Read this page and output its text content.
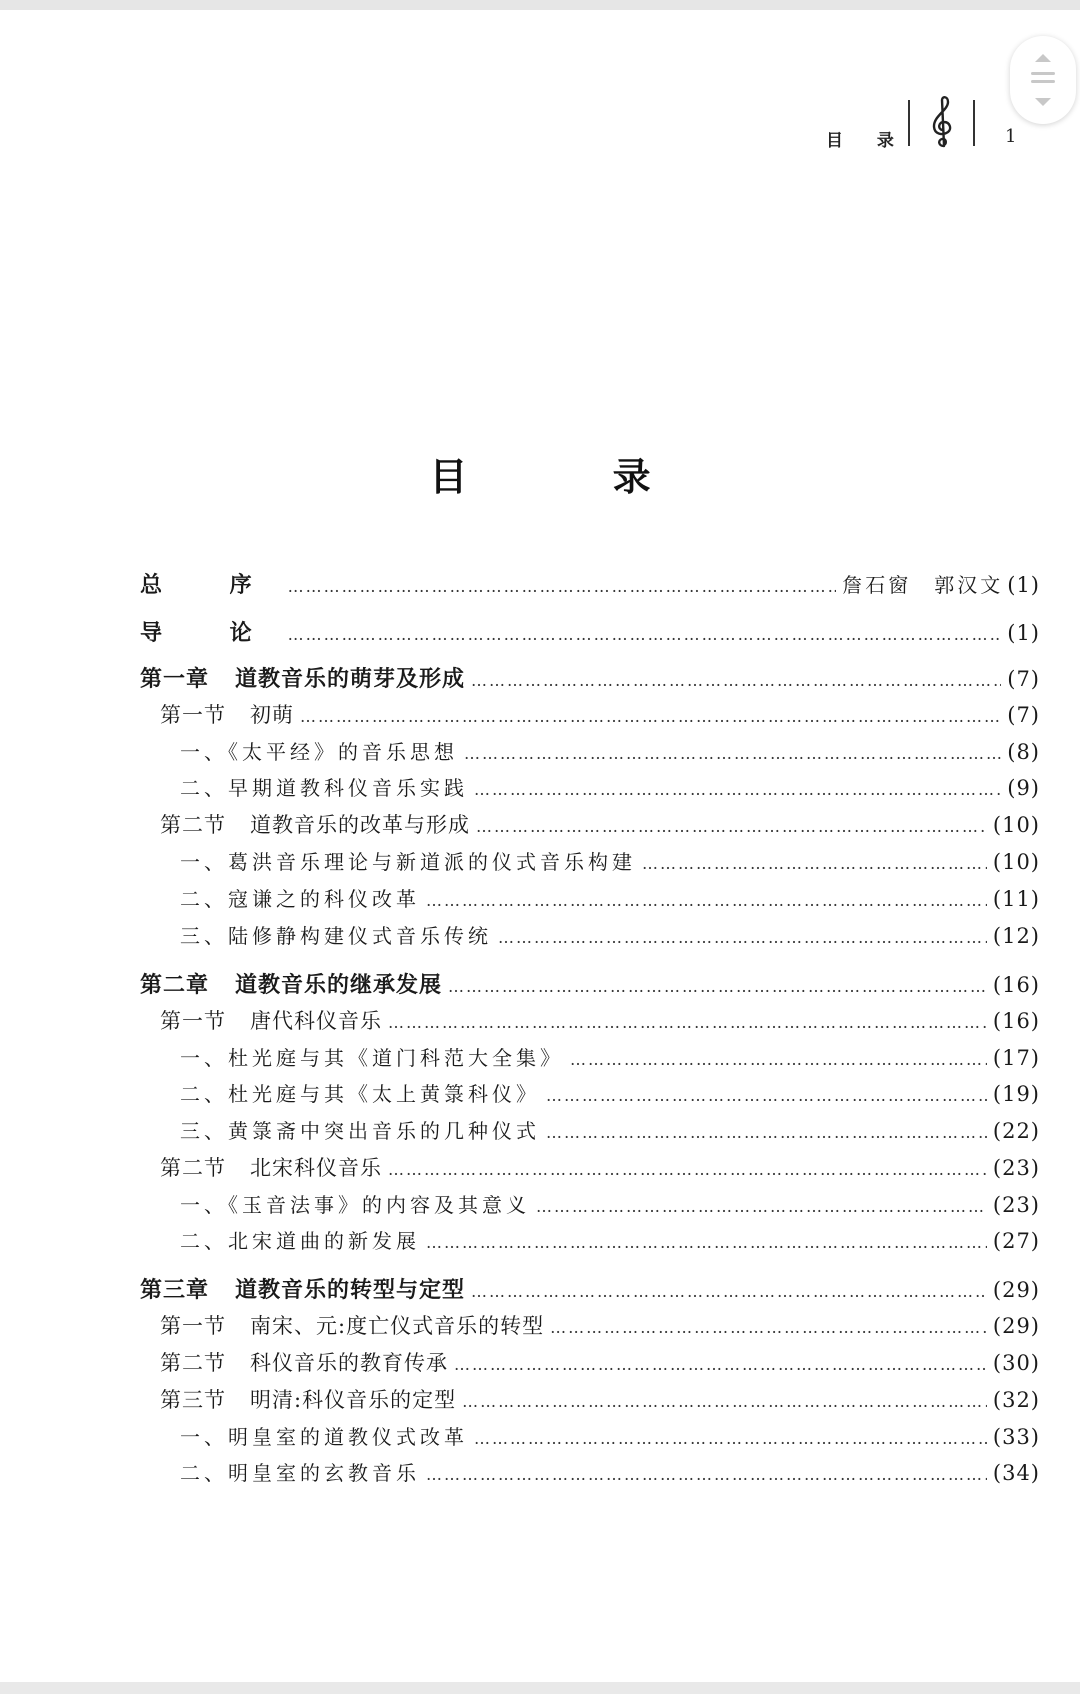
目 录	1
目 录
总 序 ……………………………………………………………………………………………………………………………………………………………………………………………………	詹石窗　郭汉文 (1)
导 论 ……………………………………………………………………………………………………………………………………………………………………………………………………	(1)
第一章 道教音乐的萌芽及形成 ……………………………………………………………………………………………………………………………………………………………………………………………………	(7)
第一节 初萌 ……………………………………………………………………………………………………………………………………………………………………………………………………	(7)
一、《太平经》的音乐思想 ……………………………………………………………………………………………………………………………………………………………………………………………………	(8)
二、早期道教科仪音乐实践 ……………………………………………………………………………………………………………………………………………………………………………………………………	(9)
第二节 道教音乐的改革与形成 ……………………………………………………………………………………………………………………………………………………………………………………………………	(10)
一、葛洪音乐理论与新道派的仪式音乐构建 ……………………………………………………………………………………………………………………………………………………………………………………………………	(10)
二、寇谦之的科仪改革 ……………………………………………………………………………………………………………………………………………………………………………………………………	(11)
三、陆修静构建仪式音乐传统 ……………………………………………………………………………………………………………………………………………………………………………………………………	(12)
第二章 道教音乐的继承发展 ……………………………………………………………………………………………………………………………………………………………………………………………………	(16)
第一节 唐代科仪音乐 ……………………………………………………………………………………………………………………………………………………………………………………………………	(16)
一、杜光庭与其《道门科范大全集》 ……………………………………………………………………………………………………………………………………………………………………………………………………	(17)
二、杜光庭与其《太上黄箓科仪》 ……………………………………………………………………………………………………………………………………………………………………………………………………	(19)
三、黄箓斋中突出音乐的几种仪式 ……………………………………………………………………………………………………………………………………………………………………………………………………	(22)
第二节 北宋科仪音乐 ……………………………………………………………………………………………………………………………………………………………………………………………………	(23)
一、《玉音法事》的内容及其意义 ……………………………………………………………………………………………………………………………………………………………………………………………………	(23)
二、北宋道曲的新发展 ……………………………………………………………………………………………………………………………………………………………………………………………………	(27)
第三章 道教音乐的转型与定型 ……………………………………………………………………………………………………………………………………………………………………………………………………	(29)
第一节 南宋、元:度亡仪式音乐的转型 ……………………………………………………………………………………………………………………………………………………………………………………………………	(29)
第二节 科仪音乐的教育传承 ……………………………………………………………………………………………………………………………………………………………………………………………………	(30)
第三节 明清:科仪音乐的定型 ……………………………………………………………………………………………………………………………………………………………………………………………………	(32)
一、明皇室的道教仪式改革 ……………………………………………………………………………………………………………………………………………………………………………………………………	(33)
二、明皇室的玄教音乐 ……………………………………………………………………………………………………………………………………………………………………………………………………	(34)
